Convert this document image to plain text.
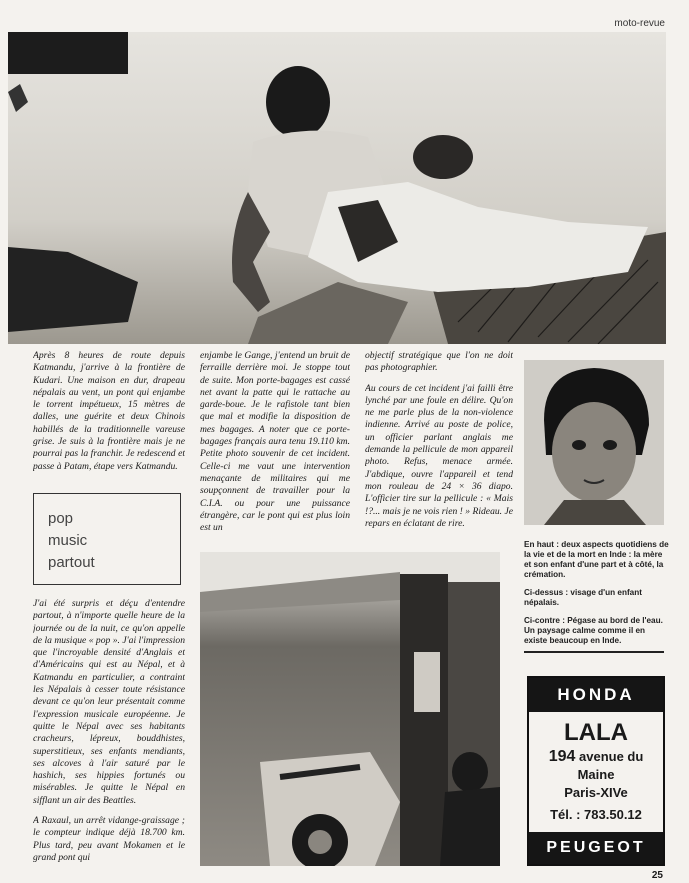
moto-revue

Après 8 heures de route depuis Katmandu, j'arrive à la frontière de Kudari. Une maison en dur, drapeau népalais au vent, un pont qui enjambe le torrent impétueux, 15 mètres de dalles, une guérite et deux Chinois habillés de la traditionnelle vareuse grise. Je suis à la frontière mais je ne pourrai pas la franchir. Je redescend et passe à Patam, étape vers Katmandu.

pop
music
partout

J'ai été surpris et déçu d'entendre partout, à n'importe quelle heure de la journée ou de la nuit, ce qu'on appelle de la musique « pop ». J'ai l'impression que l'incroyable densité d'Anglais et d'Américains qui est au Népal, et à Katmandu en particulier, a contraint les Népalais à cesser toute résistance devant ce qu'on leur présentait comme l'expression musicale européenne. Je quitte le Népal avec ses habitants cracheurs, lépreux, bouddhistes, superstitieux, ses enfants mendiants, ses alcoves à l'air saturé par le hashich, ses hippies fortunés ou misérables. Je quitte le Népal en sifflant un air des Beattles.

A Raxaul, un arrêt vidange-graissage ; le compteur indique déjà 18.700 km. Plus tard, peu avant Mokamen et le grand pont qui

enjambe le Gange, j'entend un bruit de ferraille derrière moi. Je stoppe tout de suite. Mon porte-bagages est cassé net avant la patte qui le rattache au garde-boue. Je le rafistole tant bien que mal et modifie la disposition de mes bagages. A noter que ce porte-bagages français aura tenu 19.110 km. Petite photo souvenir de cet incident. Celle-ci me vaut une intervention menaçante de militaires qui me soupçonnent de travailler pour la C.I.A. ou pour une puissance étrangère, car le pont qui est plus loin est un

objectif stratégique que l'on ne doit pas photographier.

Au cours de cet incident j'ai failli être lynché par une foule en délire. Qu'on ne me parle plus de la non-violence indienne. Arrivé au poste de police, un officier parlant anglais me demande la pellicule de mon appareil photo. Refus, menace armée. J'abdique, ouvre l'appareil et tend mon rouleau de 24 × 36 diapo. L'officier tire sur la pellicule : « Mais !?... mais je ne vois rien ! » Rideau. Je repars en éclatant de rire.

En haut : deux aspects quotidiens de la vie et de la mort en Inde : la mère et son enfant d'une part et à côté, la crémation.

Ci-dessus : visage d'un enfant népalais.

Ci-contre : Pégase au bord de l'eau. Un paysage calme comme il en existe beaucoup en Inde.

HONDA
LALA
194 avenue du Maine
Paris-XIVe
Tél. : 783.50.12
PEUGEOT
25
